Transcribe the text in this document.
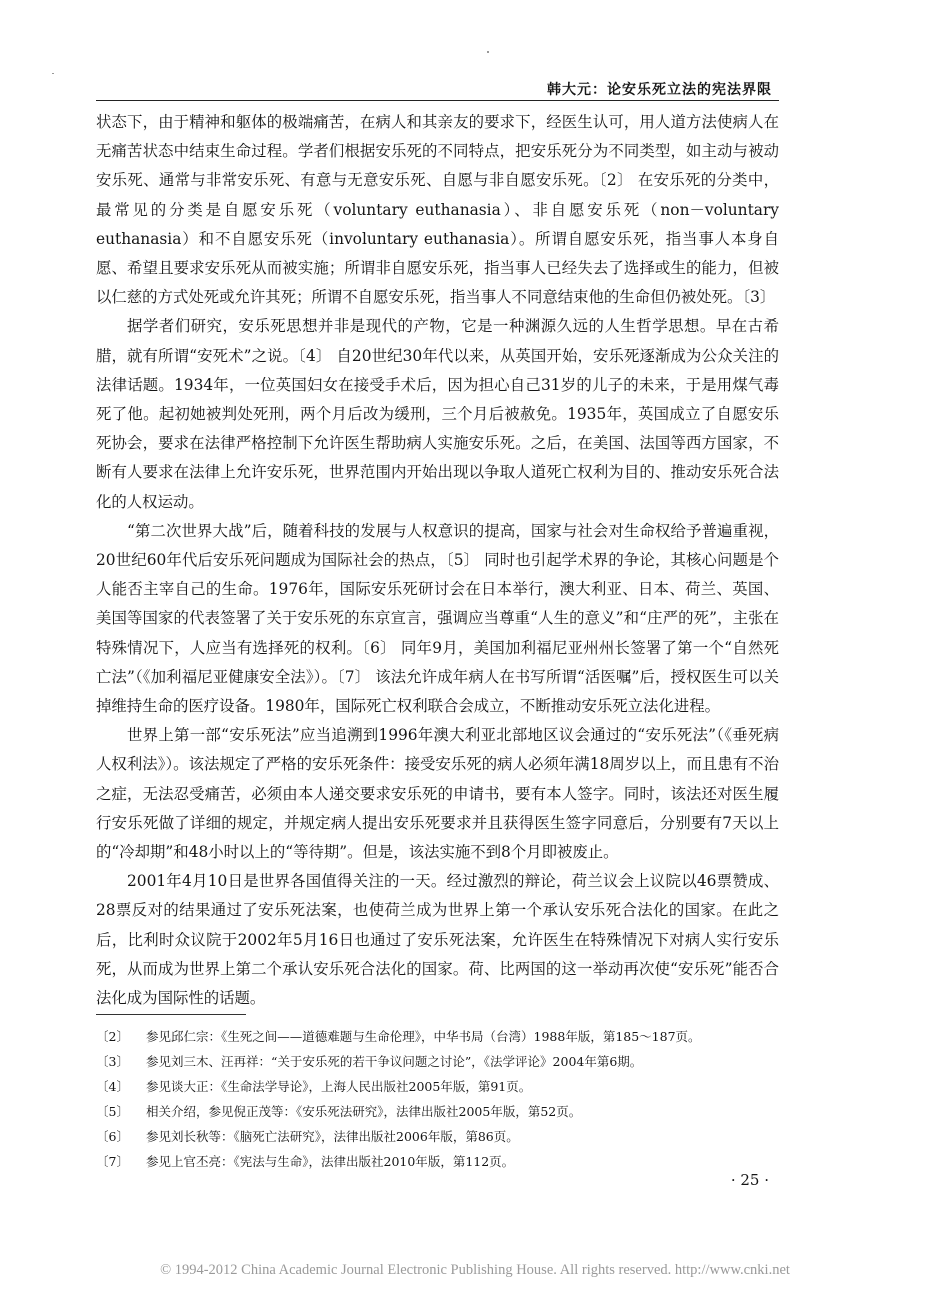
韩大元：论安乐死立法的宪法界限

状态下，由于精神和躯体的极端痛苦，在病人和其亲友的要求下，经医生认可，用人道方法使病人在无痛苦状态中结束生命过程。学者们根据安乐死的不同特点，把安乐死分为不同类型，如主动与被动安乐死、通常与非常安乐死、有意与无意安乐死、自愿与非自愿安乐死。〔2〕 在安乐死的分类中，最常见的分类是自愿安乐死（voluntary euthanasia）、非自愿安乐死（non－voluntary euthanasia）和不自愿安乐死（involuntary euthanasia）。所谓自愿安乐死，指当事人本身自愿、希望且要求安乐死从而被实施；所谓非自愿安乐死，指当事人已经失去了选择或生的能力，但被以仁慈的方式处死或允许其死；所谓不自愿安乐死，指当事人不同意结束他的生命但仍被处死。〔3〕

据学者们研究，安乐死思想并非是现代的产物，它是一种渊源久远的人生哲学思想。早在古希腊，就有所谓“安死术”之说。〔4〕 自20世纪30年代以来，从英国开始，安乐死逐渐成为公众关注的法律话题。1934年，一位英国妇女在接受手术后，因为担心自己31岁的儿子的未来，于是用煤气毒死了他。起初她被判处死刑，两个月后改为缓刑，三个月后被赦免。1935年，英国成立了自愿安乐死协会，要求在法律严格控制下允许医生帮助病人实施安乐死。之后，在美国、法国等西方国家，不断有人要求在法律上允许安乐死，世界范围内开始出现以争取人道死亡权利为目的、推动安乐死合法化的人权运动。

“第二次世界大战”后，随着科技的发展与人权意识的提高，国家与社会对生命权给予普遍重视，20世纪60年代后安乐死问题成为国际社会的热点，〔5〕 同时也引起学术界的争论，其核心问题是个人能否主宰自己的生命。1976年，国际安乐死研讨会在日本举行，澳大利亚、日本、荷兰、英国、美国等国家的代表签署了关于安乐死的东京宣言，强调应当尊重“人生的意义”和“庄严的死”，主张在特殊情况下，人应当有选择死的权利。〔6〕 同年9月，美国加利福尼亚州州长签署了第一个“自然死亡法”（《加利福尼亚健康安全法》）。〔7〕 该法允许成年病人在书写所谓“活医嘱”后，授权医生可以关掉维持生命的医疗设备。1980年，国际死亡权利联合会成立，不断推动安乐死立法化进程。

世界上第一部“安乐死法”应当追溯到1996年澳大利亚北部地区议会通过的“安乐死法”（《垂死病人权利法》）。该法规定了严格的安乐死条件：接受安乐死的病人必须年满18周岁以上，而且患有不治之症，无法忍受痛苦，必须由本人递交要求安乐死的申请书，要有本人签字。同时，该法还对医生履行安乐死做了详细的规定，并规定病人提出安乐死要求并且获得医生签字同意后，分别要有7天以上的“冷却期”和48小时以上的“等待期”。但是，该法实施不到8个月即被废止。

2001年4月10日是世界各国值得关注的一天。经过激烈的辩论，荷兰议会上议院以46票赞成、28票反对的结果通过了安乐死法案，也使荷兰成为世界上第一个承认安乐死合法化的国家。在此之后，比利时众议院于2002年5月16日也通过了安乐死法案，允许医生在特殊情况下对病人实行安乐死，从而成为世界上第二个承认安乐死合法化的国家。荷、比两国的这一举动再次使“安乐死”能否合法化成为国际性的话题。

〔2〕	参见邱仁宗：《生死之间——道德难题与生命伦理》，中华书局（台湾）1988年版，第185～187页。
〔3〕	参见刘三木、汪再祥：“关于安乐死的若干争议问题之讨论”，《法学评论》2004年第6期。
〔4〕	参见谈大正：《生命法学导论》，上海人民出版社2005年版，第91页。
〔5〕	相关介绍，参见倪正茂等：《安乐死法研究》，法律出版社2005年版，第52页。
〔6〕	参见刘长秋等：《脑死亡法研究》，法律出版社2006年版，第86页。
〔7〕	参见上官丕亮：《宪法与生命》，法律出版社2010年版，第112页。
· 25 ·
© 1994-2012 China Academic Journal Electronic Publishing House. All rights reserved. http://www.cnki.net
